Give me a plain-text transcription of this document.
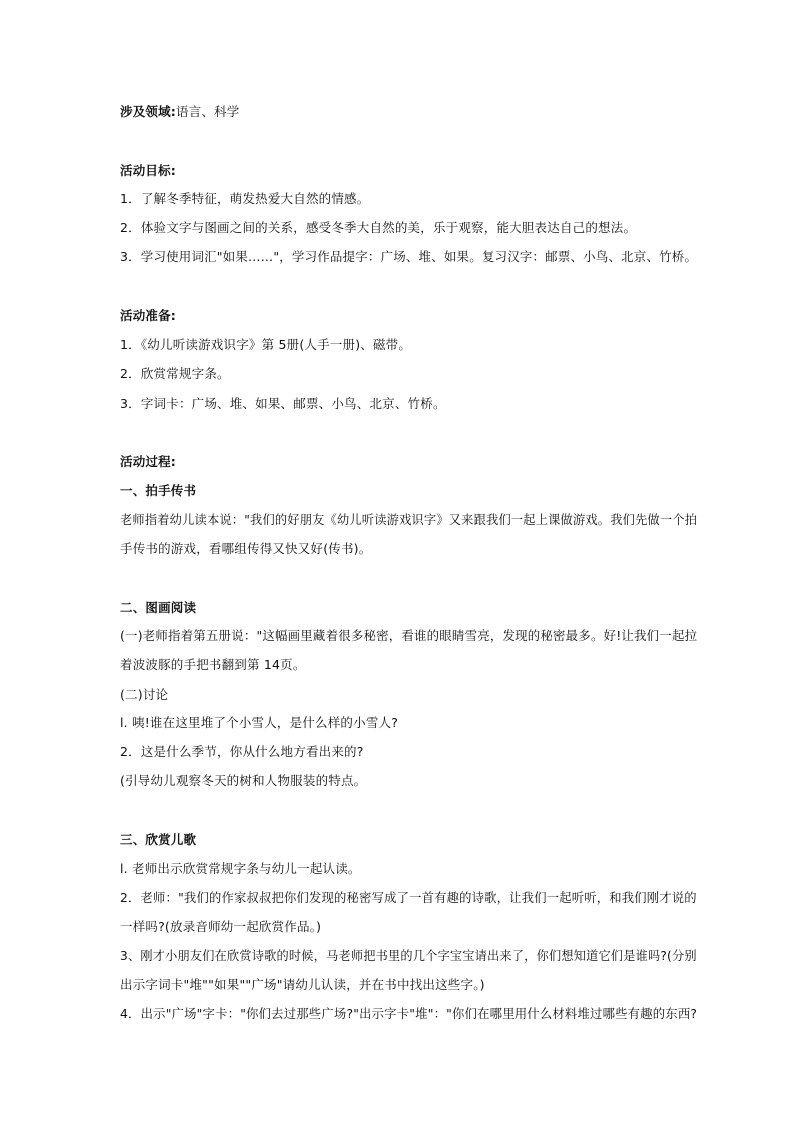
涉及领域:语言、科学
活动目标:
1．了解冬季特征，萌发热爱大自然的情感。
2．体验文字与图画之间的关系，感受冬季大自然的美，乐于观察，能大胆表达自己的想法。
3．学习使用词汇"如果……"，学习作品提字：广场、堆、如果。复习汉字：邮票、小鸟、北京、竹桥。
活动准备:
1．《幼儿听读游戏识字》第 5册(人手一册)、磁带。
2．欣赏常规字条。
3．字词卡：广场、堆、如果、邮票、小鸟、北京、竹桥。
活动过程:
一、拍手传书
老师指着幼儿读本说："我们的好朋友《幼儿听读游戏识字》又来跟我们一起上课做游戏。我们先做一个拍
手传书的游戏，看哪组传得又快又好(传书)。
二、图画阅读
(一)老师指着第五册说："这幅画里藏着很多秘密，看谁的眼睛雪亮，发现的秘密最多。好!让我们一起拉
着波波豚的手把书翻到第 14页。
(二)讨论
l. 咦!谁在这里堆了个小雪人，是什么样的小雪人?
2．这是什么季节，你从什么地方看出来的?
(引导幼儿观察冬天的树和人物服装的特点。
三、欣赏儿歌
l. 老师出示欣赏常规字条与幼儿一起认读。
2．老师："我们的作家叔叔把你们发现的秘密写成了一首有趣的诗歌，让我们一起听听，和我们刚才说的
一样吗?(放录音师幼一起欣赏作品。)
3、刚才小朋友们在欣赏诗歌的时候，马老师把书里的几个字宝宝请出来了，你们想知道它们是谁吗?(分别
出示字词卡"堆""如果""广场"请幼儿认读，并在书中找出这些字。)
4．出示"广场"字卡："你们去过那些广场?"出示字卡"堆"："你们在哪里用什么材料堆过哪些有趣的东西?
